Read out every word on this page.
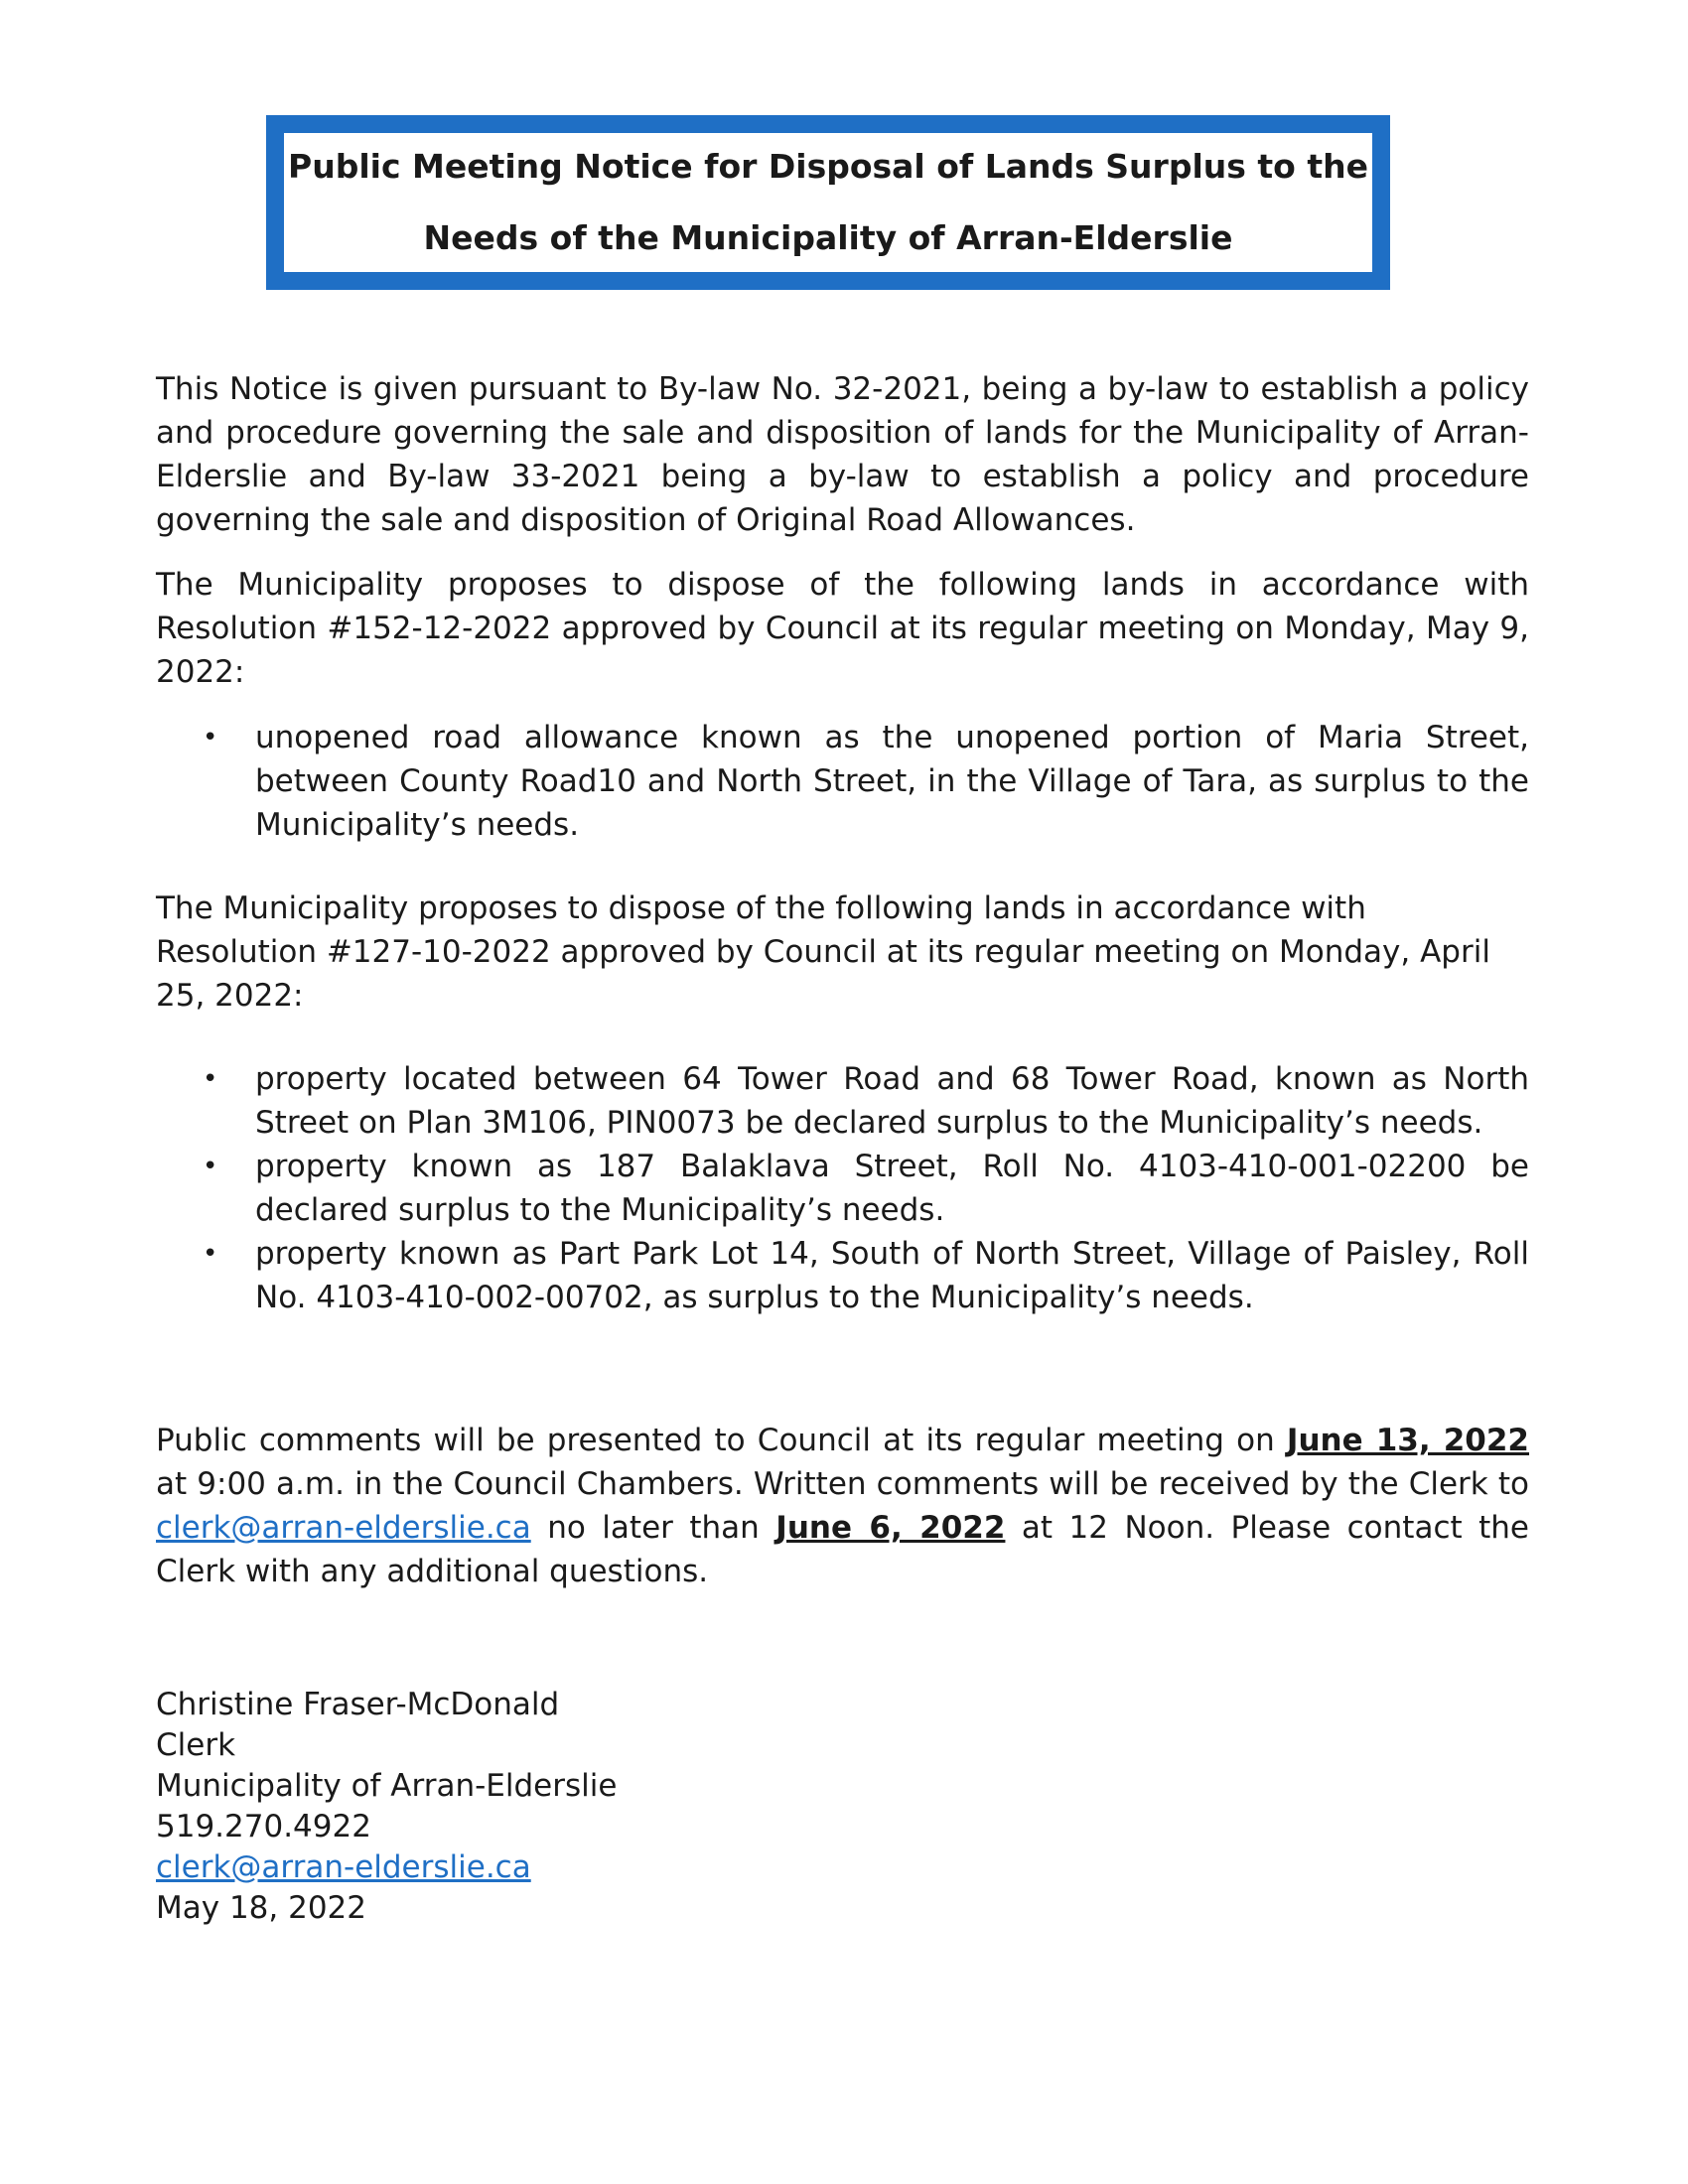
Public Meeting Notice for Disposal of Lands Surplus to the
Needs of the Municipality of Arran-Elderslie

This Notice is given pursuant to By-law No. 32-2021, being a by-law to establish a policy and procedure governing the sale and disposition of lands for the Municipality of Arran-Elderslie and By-law 33-2021 being a by-law to establish a policy and procedure governing the sale and disposition of Original Road Allowances.

The Municipality proposes to dispose of the following lands in accordance with Resolution #152-12-2022 approved by Council at its regular meeting on Monday, May 9, 2022:

• unopened road allowance known as the unopened portion of Maria Street, between County Road10 and North Street, in the Village of Tara, as surplus to the Municipality’s needs.

The Municipality proposes to dispose of the following lands in accordance with Resolution #127-10-2022 approved by Council at its regular meeting on Monday, April 25, 2022:

• property located between 64 Tower Road and 68 Tower Road, known as North Street on Plan 3M106, PIN0073 be declared surplus to the Municipality’s needs.
• property known as 187 Balaklava Street, Roll No. 4103-410-001-02200 be declared surplus to the Municipality’s needs.
• property known as Part Park Lot 14, South of North Street, Village of Paisley, Roll No. 4103-410-002-00702, as surplus to the Municipality’s needs.

Public comments will be presented to Council at its regular meeting on June 13, 2022 at 9:00 a.m. in the Council Chambers. Written comments will be received by the Clerk to clerk@arran-elderslie.ca no later than June 6, 2022 at 12 Noon. Please contact the Clerk with any additional questions.

Christine Fraser-McDonald

Clerk

Municipality of Arran-Elderslie

519.270.4922

clerk@arran-elderslie.ca

May 18, 2022
